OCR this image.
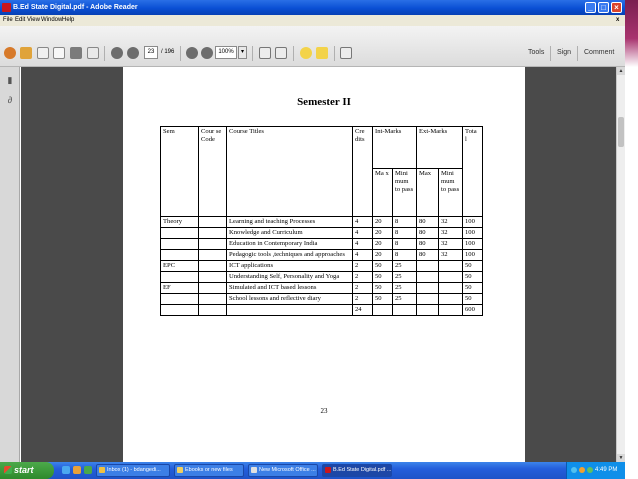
B.Ed State Digital.pdf - Adobe Reader	_	□	×
File Edit View Window Help	x
23	/ 196	100%	▾	Tools Sign Comment
▮
∂	Semester II
Sem	Cour se Code	Course Titles	Cre dits	Int-Marks		Ext-Marks		Tota l
				Ma x	Mini mum to pass	Max	Mini mum to pass	
Theory		Learning and teaching Processes	4	20	8	80	32	100
		Knowledge and Curriculum	4	20	8	80	32	100
		Education in Contemporary India	4	20	8	80	32	100
		Pedagogic tools ,techniques and approaches	4	20	8	80	32	100
EPC		ICT applications	2	50	25			50
		Understanding Self, Personality and Yoga	2	50	25			50
EF		Simulated and ICT based lessons	2	50	25			50
		School lessons and reflective diary	2	50	25			50
			24					600
23
▲
▼
start	Inbox (1) - bdangedi...	Ebooks or new files	New Microsoft Office ...	B.Ed State Digital.pdf ...	4:49 PM
